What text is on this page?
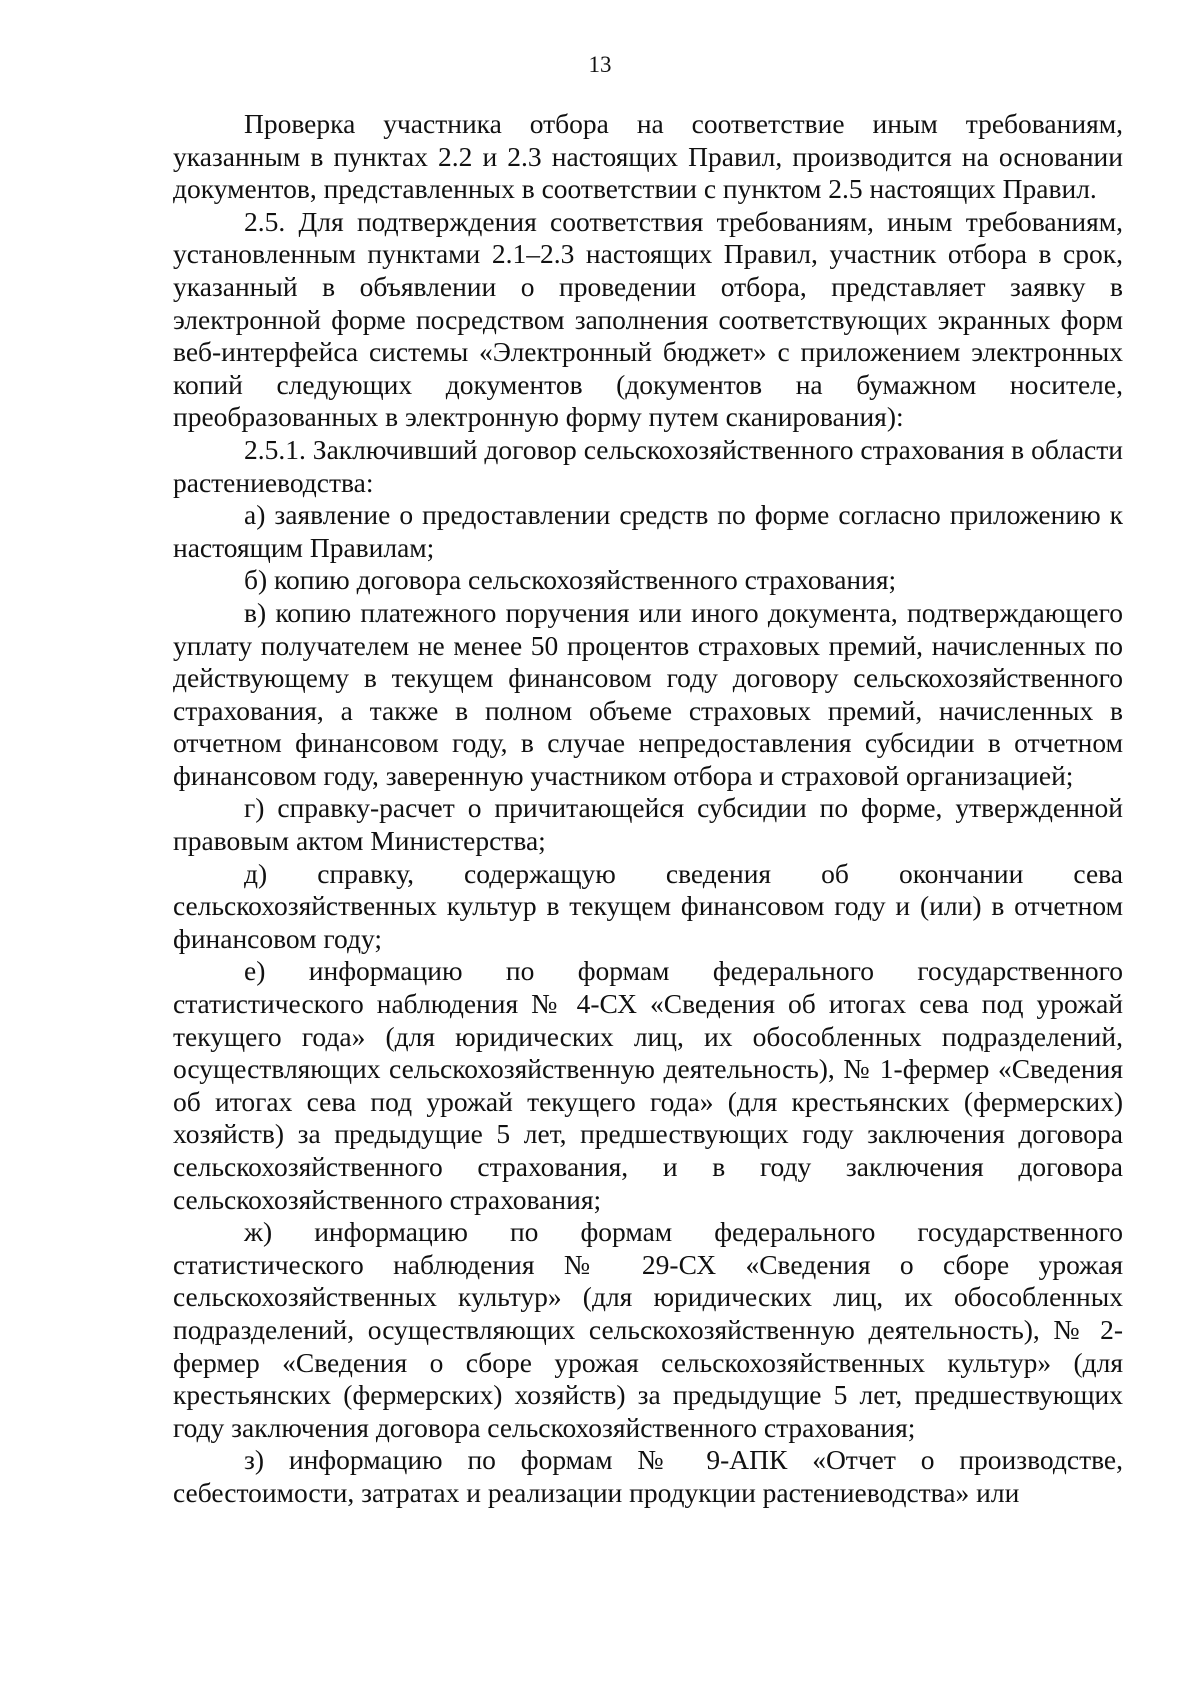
13

Проверка участника отбора на соответствие иным требованиям, указанным в пунктах 2.2 и 2.3 настоящих Правил, производится на основании документов, представленных в соответствии с пунктом 2.5 настоящих Правил.

2.5. Для подтверждения соответствия требованиям, иным требованиям, установленным пунктами 2.1–2.3 настоящих Правил, участник отбора в срок, указанный в объявлении о проведении отбора, представляет заявку в электронной форме посредством заполнения соответствующих экранных форм веб-интерфейса системы «Электронный бюджет» с приложением электронных копий следующих документов (документов на бумажном носителе, преобразованных в электронную форму путем сканирования):

2.5.1. Заключивший договор сельскохозяйственного страхования в области растениеводства:

а) заявление о предоставлении средств по форме согласно приложению к настоящим Правилам;

б) копию договора сельскохозяйственного страхования;

в) копию платежного поручения или иного документа, подтверждающего уплату получателем не менее 50 процентов страховых премий, начисленных по действующему в текущем финансовом году договору сельскохозяйственного страхования, а также в полном объеме страховых премий, начисленных в отчетном финансовом году, в случае непредоставления субсидии в отчетном финансовом году, заверенную участником отбора и страховой организацией;

г) справку-расчет о причитающейся субсидии по форме, утвержденной правовым актом Министерства;

д) справку, содержащую сведения об окончании сева сельскохозяйственных культур в текущем финансовом году и (или) в отчетном финансовом году;

е) информацию по формам федерального государственного статистического наблюдения № 4-СХ «Сведения об итогах сева под урожай текущего года» (для юридических лиц, их обособленных подразделений, осуществляющих сельскохозяйственную деятельность), № 1-фермер «Сведения об итогах сева под урожай текущего года» (для крестьянских (фермерских) хозяйств) за предыдущие 5 лет, предшествующих году заключения договора сельскохозяйственного страхования, и в году заключения договора сельскохозяйственного страхования;

ж) информацию по формам федерального государственного статистического наблюдения № 29-СХ «Сведения о сборе урожая сельскохозяйственных культур» (для юридических лиц, их обособленных подразделений, осуществляющих сельскохозяйственную деятельность), № 2-фермер «Сведения о сборе урожая сельскохозяйственных культур» (для крестьянских (фермерских) хозяйств) за предыдущие 5 лет, предшествующих году заключения договора сельскохозяйственного страхования;

з) информацию по формам № 9-АПК «Отчет о производстве, себестоимости, затратах и реализации продукции растениеводства» или
